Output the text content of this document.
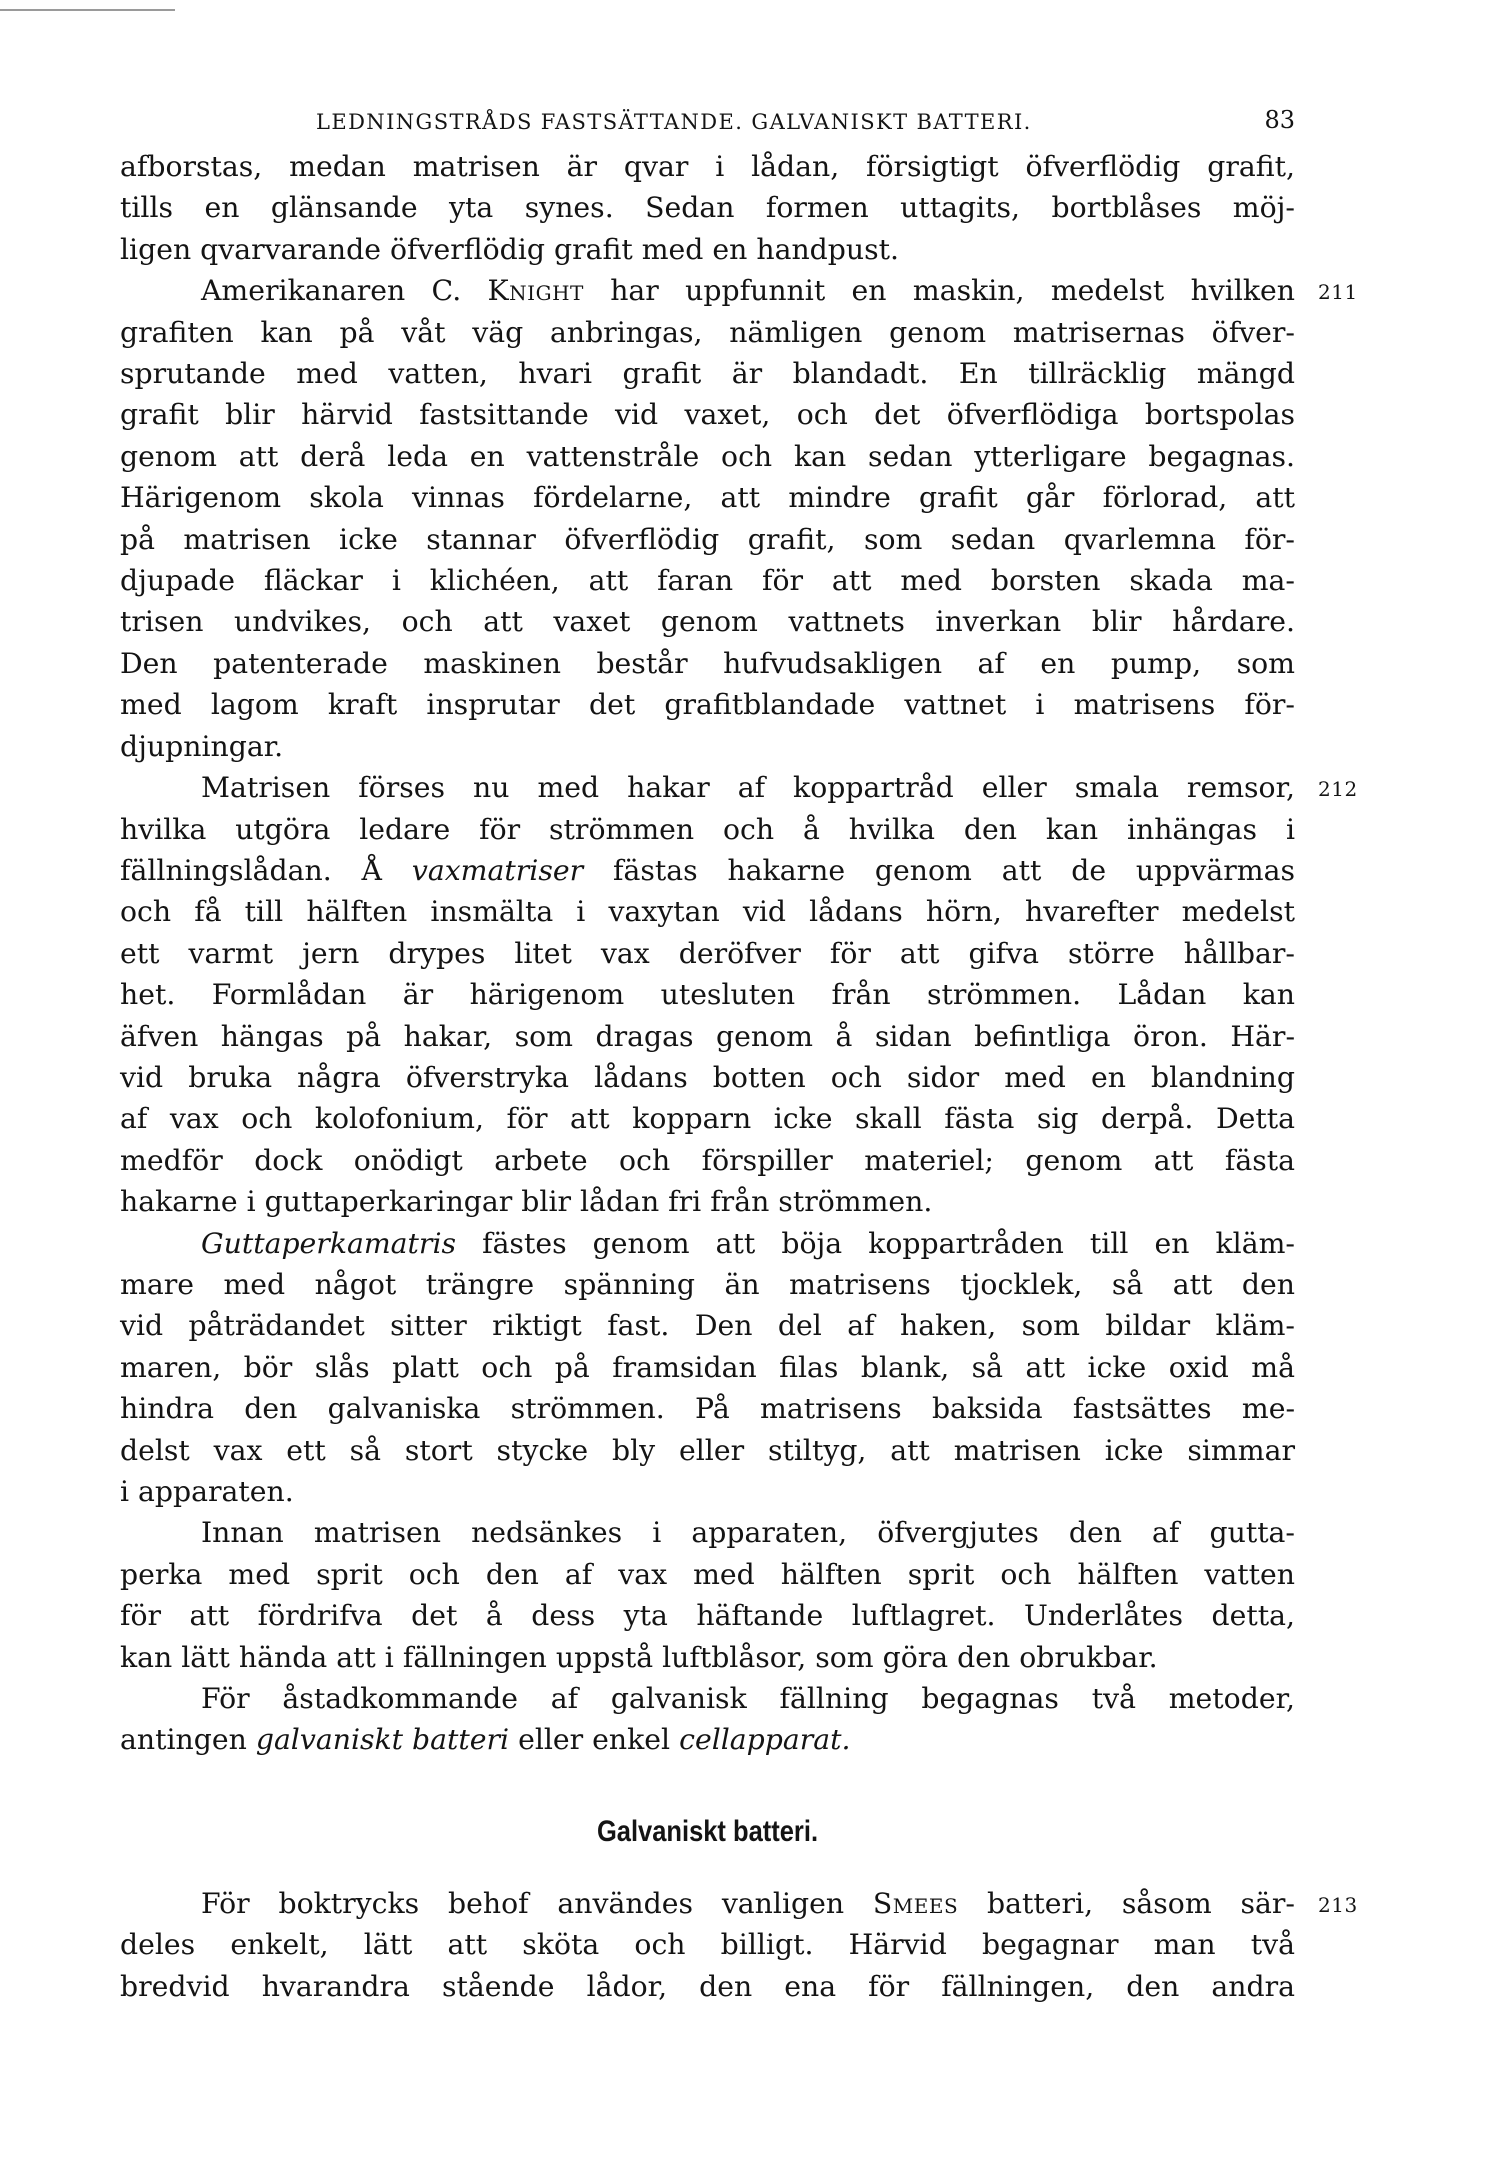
LEDNINGSTRÅDS FASTSÄTTANDE. GALVANISKT BATTERI.	83

afborstas, medan matrisen är qvar i lådan, försigtigt öfverflödig grafit,
tills en glänsande yta synes. Sedan formen uttagits, bortblåses möj-
ligen qvarvarande öfverflödig grafit med en handpust.

211
Amerikanaren C. Knight har uppfunnit en maskin, medelst hvilken
grafiten kan på våt väg anbringas, nämligen genom matrisernas öfver-
sprutande med vatten, hvari grafit är blandadt. En tillräcklig mängd
grafit blir härvid fastsittande vid vaxet, och det öfverflödiga bortspolas
genom att derå leda en vattenstråle och kan sedan ytterligare begagnas.
Härigenom skola vinnas fördelarne, att mindre grafit går förlorad, att
på matrisen icke stannar öfverflödig grafit, som sedan qvarlemna för-
djupade fläckar i klichéen, att faran för att med borsten skada ma-
trisen undvikes, och att vaxet genom vattnets inverkan blir hårdare.
Den patenterade maskinen består hufvudsakligen af en pump, som
med lagom kraft insprutar det grafitblandade vattnet i matrisens för-
djupningar.

212
Matrisen förses nu med hakar af koppartråd eller smala remsor,
hvilka utgöra ledare för strömmen och å hvilka den kan inhängas i
fällningslådan. Å vaxmatriser fästas hakarne genom att de uppvärmas
och få till hälften insmälta i vaxytan vid lådans hörn, hvarefter medelst
ett varmt jern drypes litet vax deröfver för att gifva större hållbar-
het. Formlådan är härigenom utesluten från strömmen. Lådan kan
äfven hängas på hakar, som dragas genom å sidan befintliga öron. Här-
vid bruka några öfverstryka lådans botten och sidor med en blandning
af vax och kolofonium, för att kopparn icke skall fästa sig derpå. Detta
medför dock onödigt arbete och förspiller materiel; genom att fästa
hakarne i guttaperkaringar blir lådan fri från strömmen.

Guttaperkamatris fästes genom att böja koppartråden till en kläm-
mare med något trängre spänning än matrisens tjocklek, så att den
vid påträdandet sitter riktigt fast. Den del af haken, som bildar kläm-
maren, bör slås platt och på framsidan filas blank, så att icke oxid må
hindra den galvaniska strömmen. På matrisens baksida fastsättes me-
delst vax ett så stort stycke bly eller stiltyg, att matrisen icke simmar
i apparaten.

Innan matrisen nedsänkes i apparaten, öfvergjutes den af gutta-
perka med sprit och den af vax med hälften sprit och hälften vatten
för att fördrifva det å dess yta häftande luftlagret. Underlåtes detta,
kan lätt hända att i fällningen uppstå luftblåsor, som göra den obrukbar.

För åstadkommande af galvanisk fällning begagnas två metoder,
antingen galvaniskt batteri eller enkel cellapparat.

Galvaniskt batteri.

213
För boktrycks behof användes vanligen Smees batteri, såsom sär-
deles enkelt, lätt att sköta och billigt. Härvid begagnar man två
bredvid hvarandra stående lådor, den ena för fällningen, den andra
